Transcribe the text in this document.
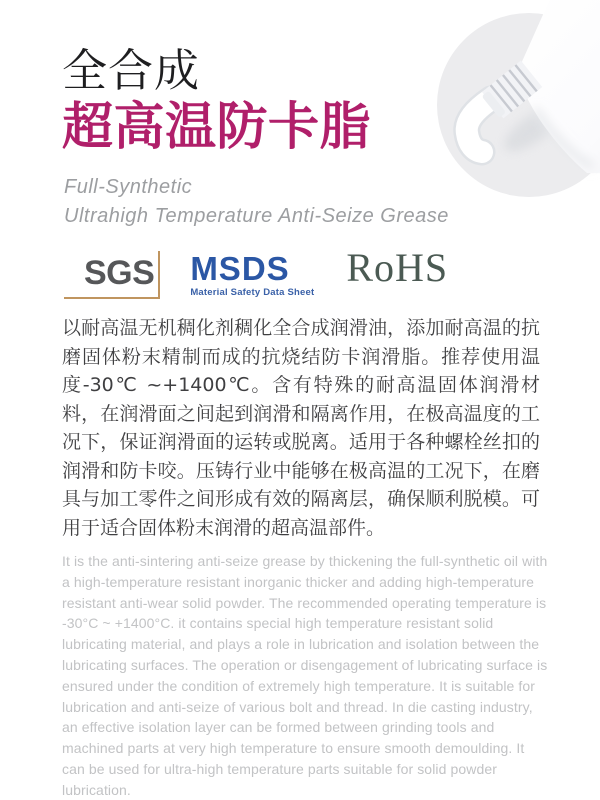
全合成
超高温防卡脂
Full-Synthetic
Ultrahigh Temperature Anti-Seize Grease
SGS MSDS
Material Safety Data Sheet
RoHS

以耐高温无机稠化剂稠化全合成润滑油，添加耐高温的抗磨固体粉末精制而成的抗烧结防卡润滑脂。推荐使用温度-30℃ ~+1400℃。含有特殊的耐高温固体润滑材料，在润滑面之间起到润滑和隔离作用，在极高温度的工况下，保证润滑面的运转或脱离。适用于各种螺栓丝扣的润滑和防卡咬。压铸行业中能够在极高温的工况下，在磨具与加工零件之间形成有效的隔离层，确保顺利脱模。可用于适合固体粉末润滑的超高温部件。

It is the anti-sintering anti-seize grease by thickening the full-synthetic oil with a high-temperature resistant inorganic thicker and adding high-temperature resistant anti-wear solid powder. The recommended operating temperature is -30°C ~ +1400°C. it contains special high temperature resistant solid lubricating material, and plays a role in lubrication and isolation between the lubricating surfaces. The operation or disengagement of lubricating surface is ensured under the condition of extremely high temperature. It is suitable for lubrication and anti-seize of various bolt and thread. In die casting industry, an effective isolation layer can be formed between grinding tools and machined parts at very high temperature to ensure smooth demoulding. It can be used for ultra-high temperature parts suitable for solid powder lubrication.
